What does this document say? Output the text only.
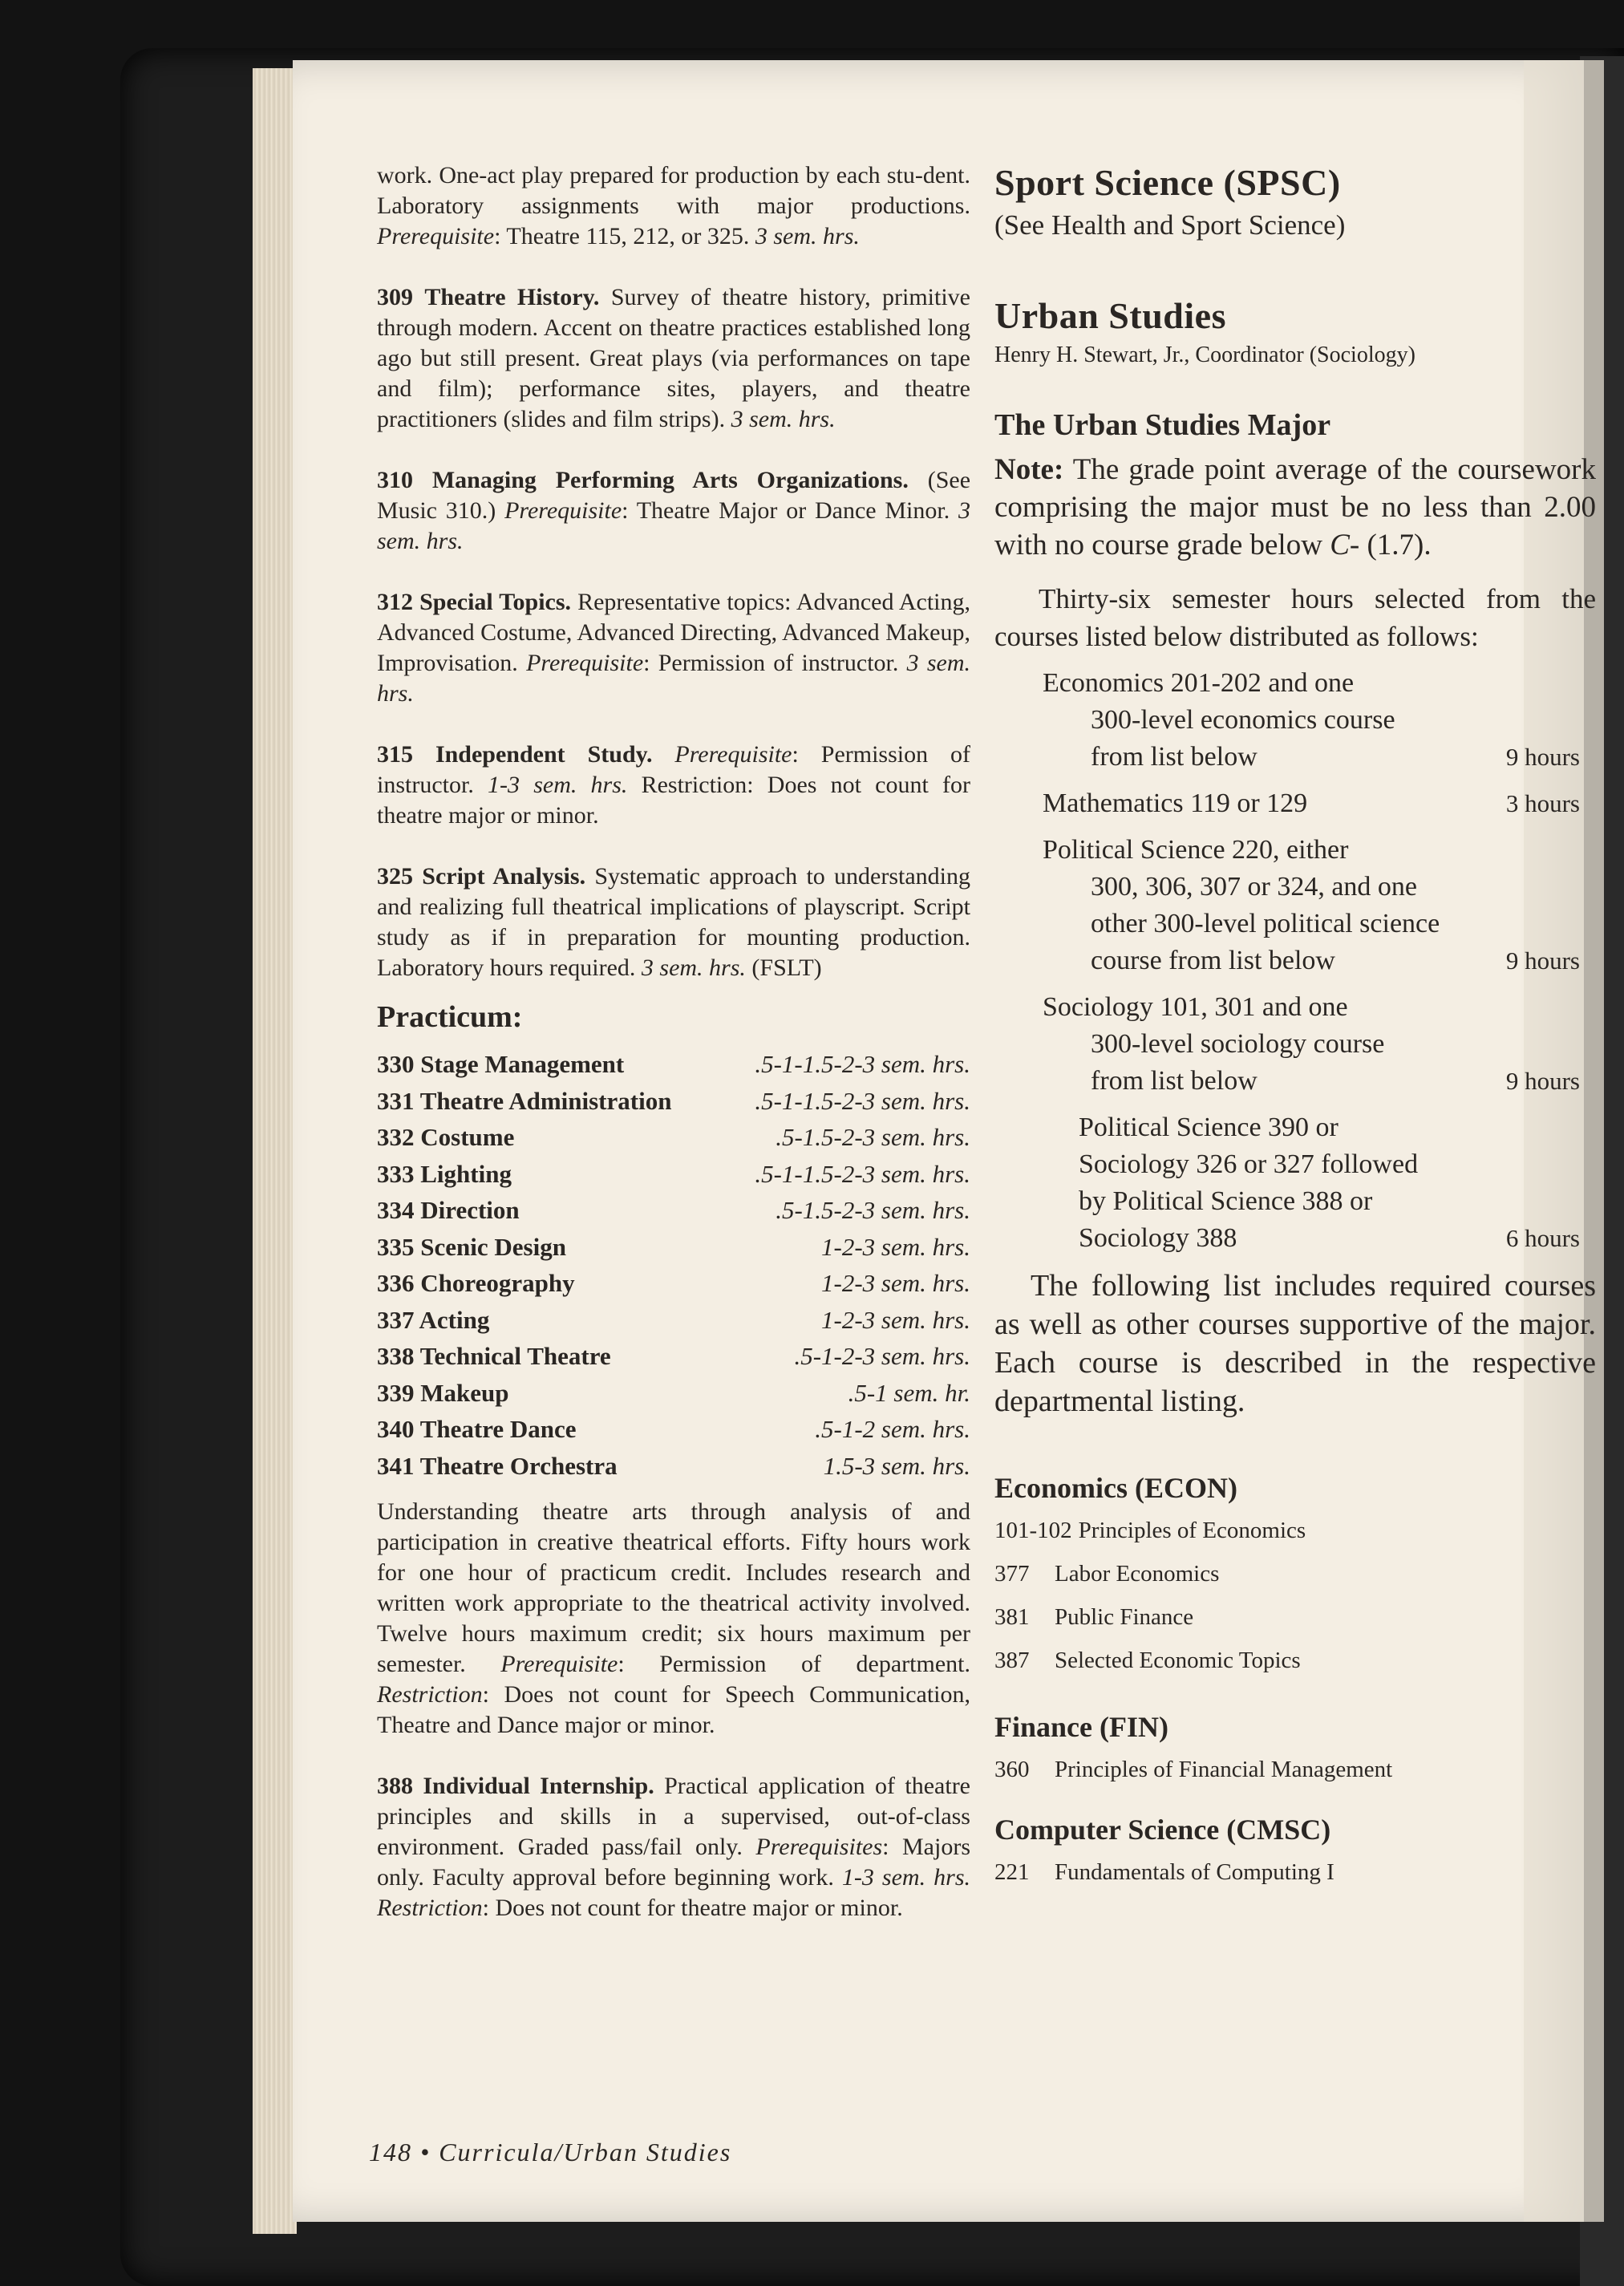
work. One-act play prepared for production by each stu-dent. Laboratory assignments with major productions. Prerequisite: Theatre 115, 212, or 325. 3 sem. hrs.

309 Theatre History. Survey of theatre history, primitive through modern. Accent on theatre practices established long ago but still present. Great plays (via performances on tape and film); performance sites, players, and theatre practitioners (slides and film strips). 3 sem. hrs.

310 Managing Performing Arts Organizations. (See Music 310.) Prerequisite: Theatre Major or Dance Minor. 3 sem. hrs.

312 Special Topics. Representative topics: Advanced Acting, Advanced Costume, Advanced Directing, Advanced Makeup, Improvisation. Prerequisite: Permission of instructor. 3 sem. hrs.

315 Independent Study. Prerequisite: Permission of instructor. 1-3 sem. hrs. Restriction: Does not count for theatre major or minor.

325 Script Analysis. Systematic approach to understanding and realizing full theatrical implications of playscript. Script study as if in preparation for mounting production. Laboratory hours required. 3 sem. hrs. (FSLT)

Practicum:
330 Stage Management	.5-1-1.5-2-3 sem. hrs.
331 Theatre Administration	.5-1-1.5-2-3 sem. hrs.
332 Costume	.5-1.5-2-3 sem. hrs.
333 Lighting	.5-1-1.5-2-3 sem. hrs.
334 Direction	.5-1.5-2-3 sem. hrs.
335 Scenic Design	1-2-3 sem. hrs.
336 Choreography	1-2-3 sem. hrs.
337 Acting	1-2-3 sem. hrs.
338 Technical Theatre	.5-1-2-3 sem. hrs.
339 Makeup	.5-1 sem. hr.
340 Theatre Dance	.5-1-2 sem. hrs.
341 Theatre Orchestra	1.5-3 sem. hrs.

Understanding theatre arts through analysis of and participation in creative theatrical efforts. Fifty hours work for one hour of practicum credit. Includes research and written work appropriate to the theatrical activity involved. Twelve hours maximum credit; six hours maximum per semester. Prerequisite: Permission of department. Restriction: Does not count for Speech Communication, Theatre and Dance major or minor.

388 Individual Internship. Practical application of theatre principles and skills in a supervised, out-of-class environment. Graded pass/fail only. Prerequisites: Majors only. Faculty approval before beginning work. 1-3 sem. hrs. Restriction: Does not count for theatre major or minor.

Sport Science (SPSC)

(See Health and Sport Science)

Urban Studies

Henry H. Stewart, Jr., Coordinator (Sociology)

The Urban Studies Major

Note: The grade point average of the coursework comprising the major must be no less than 2.00 with no course grade below C- (1.7).

Thirty-six semester hours selected from the courses listed below distributed as follows:

Economics 201-202 and one
300-level economics course
from list below	9 hours
Mathematics 119 or 129	3 hours
Political Science 220, either
300, 306, 307 or 324, and one
other 300-level political science
course from list below	9 hours
Sociology 101, 301 and one
300-level sociology course
from list below	9 hours
Political Science 390 or
Sociology 326 or 327 followed
by Political Science 388 or
Sociology 388	6 hours

The following list includes required courses as well as other courses supportive of the major. Each course is described in the respective departmental listing.

Economics (ECON)
101-102 Principles of Economics
377 Labor Economics
381 Public Finance
387 Selected Economic Topics
Finance (FIN)
360 Principles of Financial Management
Computer Science (CMSC)
221 Fundamentals of Computing I
148 • Curricula/Urban Studies
